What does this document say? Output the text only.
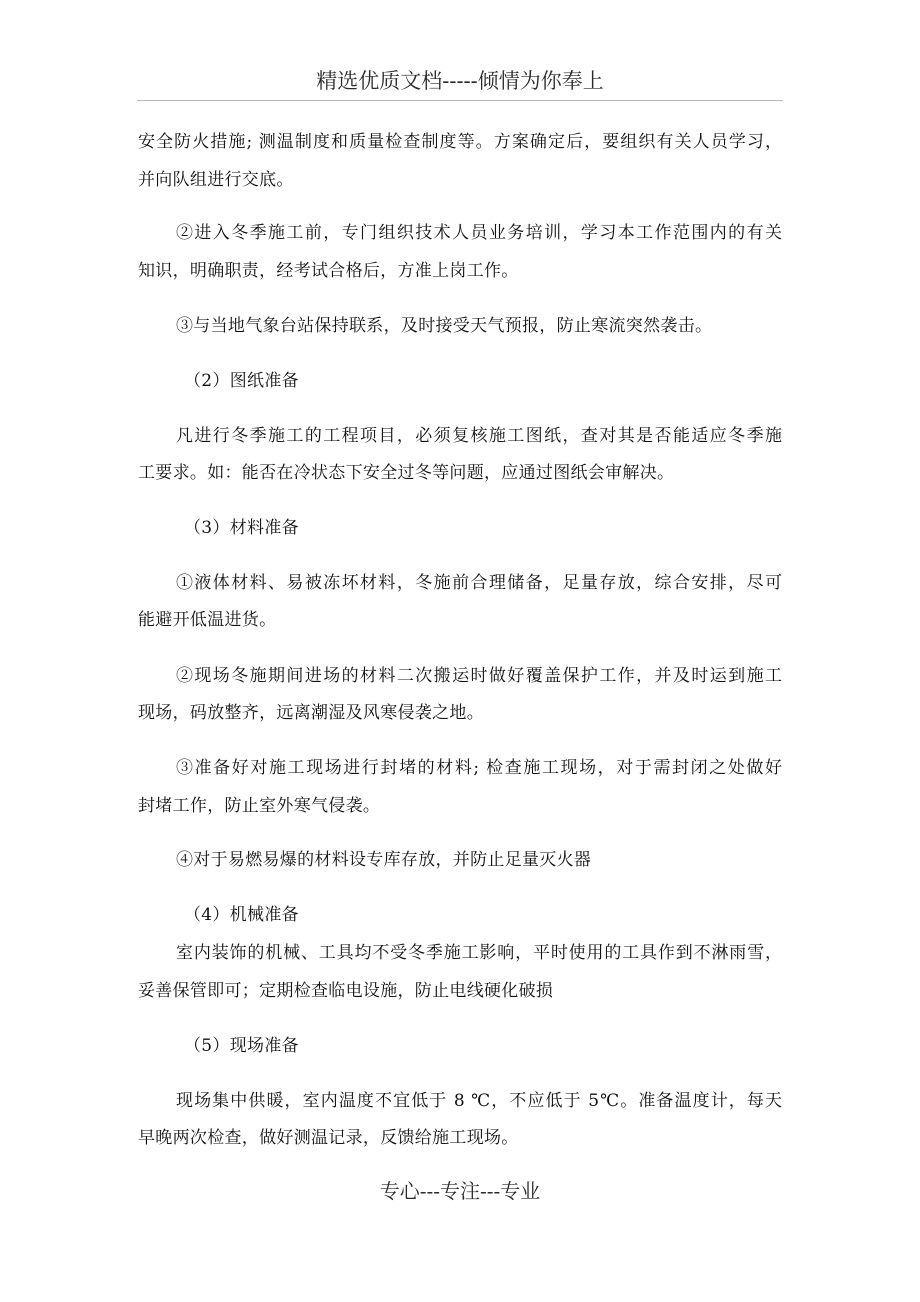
精选优质文档-----倾情为你奉上
安全防火措施; 测温制度和质量检查制度等。方案确定后，要组织有关人员学习，
并向队组进行交底。
②进入冬季施工前，专门组织技术人员业务培训，学习本工作范围内的有关
知识，明确职责，经考试合格后，方准上岗工作。
③与当地气象台站保持联系，及时接受天气预报，防止寒流突然袭击。
（2）图纸准备
凡进行冬季施工的工程项目，必须复核施工图纸，查对其是否能适应冬季施
工要求。如：能否在冷状态下安全过冬等问题，应通过图纸会审解决。
（3）材料准备
①液体材料、易被冻坏材料，冬施前合理储备，足量存放，综合安排，尽可
能避开低温进货。
②现场冬施期间进场的材料二次搬运时做好覆盖保护工作，并及时运到施工
现场，码放整齐，远离潮湿及风寒侵袭之地。
③准备好对施工现场进行封堵的材料; 检查施工现场，对于需封闭之处做好
封堵工作，防止室外寒气侵袭。
④对于易燃易爆的材料设专库存放，并防止足量灭火器
（4）机械准备
室内装饰的机械、工具均不受冬季施工影响，平时使用的工具作到不淋雨雪，
妥善保管即可；定期检查临电设施，防止电线硬化破损
（5）现场准备
现场集中供暖，室内温度不宜低于 8 ℃，不应低于 5℃。准备温度计，每天
早晚两次检查，做好测温记录，反馈给施工现场。
专心---专注---专业
